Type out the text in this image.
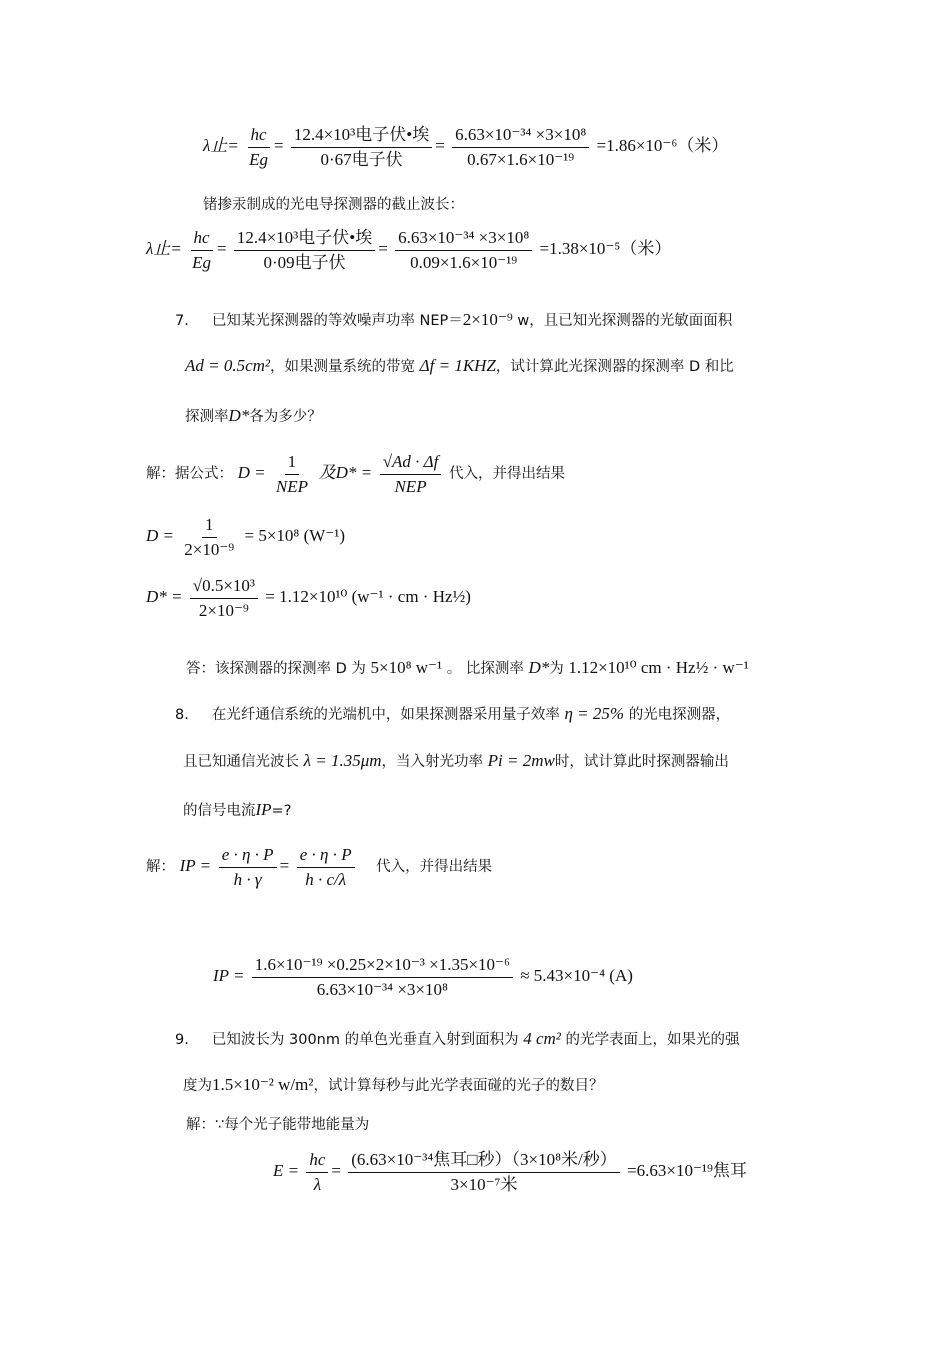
λ止= $\frac{hc}{Eg} = \frac{\text{12.4×10³电子伏•埃}}{\text{0·67电子伏}} = \frac{\text{6.63×10⁻³⁴ ×3×10⁸}}{\text{0.67×1.6×10⁻¹⁹}} =1.86\times 10^{-6}$（米）
锗掺汞制成的光电导探测器的截止波长：
λ止= $\frac{hc}{Eg} = \frac{\text{12.4×10³电子伏•埃}}{\text{0·09电子伏}} = \frac{\text{6.63×10⁻³⁴ ×3×10⁸}}{\text{0.09×1.6×10⁻¹⁹}} =1.38\times 10^{-5}$（米）
7. 已知某光探测器的等效噪声功率 NEP＝2×10⁻⁹ w，且已知光探测器的光敏面面积
Ad = 0.5cm²，如果测量系统的带宽 Δf = 1KHZ，试计算此光探测器的探测率 D 和比
探测率D*各为多少？
解：据公式： $D = \frac{1}{\text{NEP}}$ 及$D* = \frac{√Ad \cdot \Delta f}{\text{NEP}}$ 代入，并得出结果
$D = \frac{1}{\text{2×10⁻⁹}} = 5\times 10^8$ (W⁻¹)
$D* = \frac{\text{√0.5×10³}}{\text{2×10⁻⁹}} = 1.12\times 10^{10}$ (w⁻¹ · cm · Hz½)
答：该探测器的探测率 D 为 5×10⁸ w⁻¹ 。 比探测率 D*为 1.12×10¹⁰ cm · Hz½ · w⁻¹
8. 在光纤通信系统的光端机中，如果探测器采用量子效率 η = 25% 的光电探测器，
且已知通信光波长 λ = 1.35μm，当入射光功率 Pi = 2mw时，试计算此时探测器输出
的信号电流IP=?
解： IP = $\frac{e \cdot \eta \cdot P}{h \cdot \gamma} = \frac{e \cdot \eta \cdot P}{h \cdot c/\lambda}$ 代入，并得出结果
IP = $\frac{\text{1.6×10⁻¹⁹ ×0.25×2×10⁻³ ×1.35×10⁻⁶}}{\text{6.63×10⁻³⁴ ×3×10⁸}} \approx 5.43\times 10^{-4}$ (A)
9. 已知波长为 300nm 的单色光垂直入射到面积为 4 cm² 的光学表面上，如果光的强
度为1.5×10⁻² w/m²，试计算每秒与此光学表面碰的光子的数目？
解：∵每个光子能带地能量为
$E = \frac{hc}{\lambda} = \frac{\text{(6.63×10⁻³⁴焦耳□秒）（3×10⁸米/秒）}}{\text{3×10⁻⁷米}} =6.63\times 10^{-19}$焦耳
